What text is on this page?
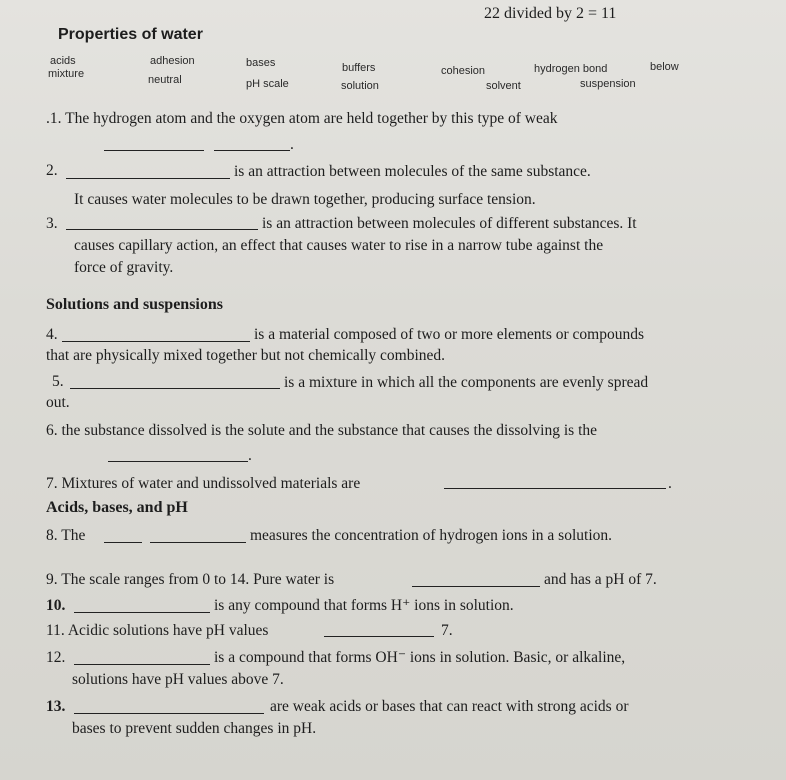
22 divided by 2 = 11
Properties of water
acids	adhesion	bases	buffers	cohesion	hydrogen bond	below
mixture	neutral	pH scale	solution	solvent	suspension
.1. The hydrogen atom and the oxygen atom are held together by this type of weak
.
2.	is an attraction between molecules of the same substance.
It causes water molecules to be drawn together, producing surface tension.
3.	is an attraction between molecules of different substances. It
causes capillary action, an effect that causes water to rise in a narrow tube against the
force of gravity.
Solutions and suspensions
4.	is a material composed of two or more elements or compounds
that are physically mixed together but not chemically combined.
5.	is a mixture in which all the components are evenly spread
out.
6. the substance dissolved is the solute and the substance that causes the dissolving is the
.
7. Mixtures of water and undissolved materials are	.
Acids, bases, and pH
8. The	measures the concentration of hydrogen ions in a solution.
9. The scale ranges from 0 to 14. Pure water is	and has a pH of 7.
10.	is any compound that forms H⁺ ions in solution.
11. Acidic solutions have pH values	7.
12.	is a compound that forms OH⁻ ions in solution. Basic, or alkaline,
solutions have pH values above 7.
13.	are weak acids or bases that can react with strong acids or
bases to prevent sudden changes in pH.
